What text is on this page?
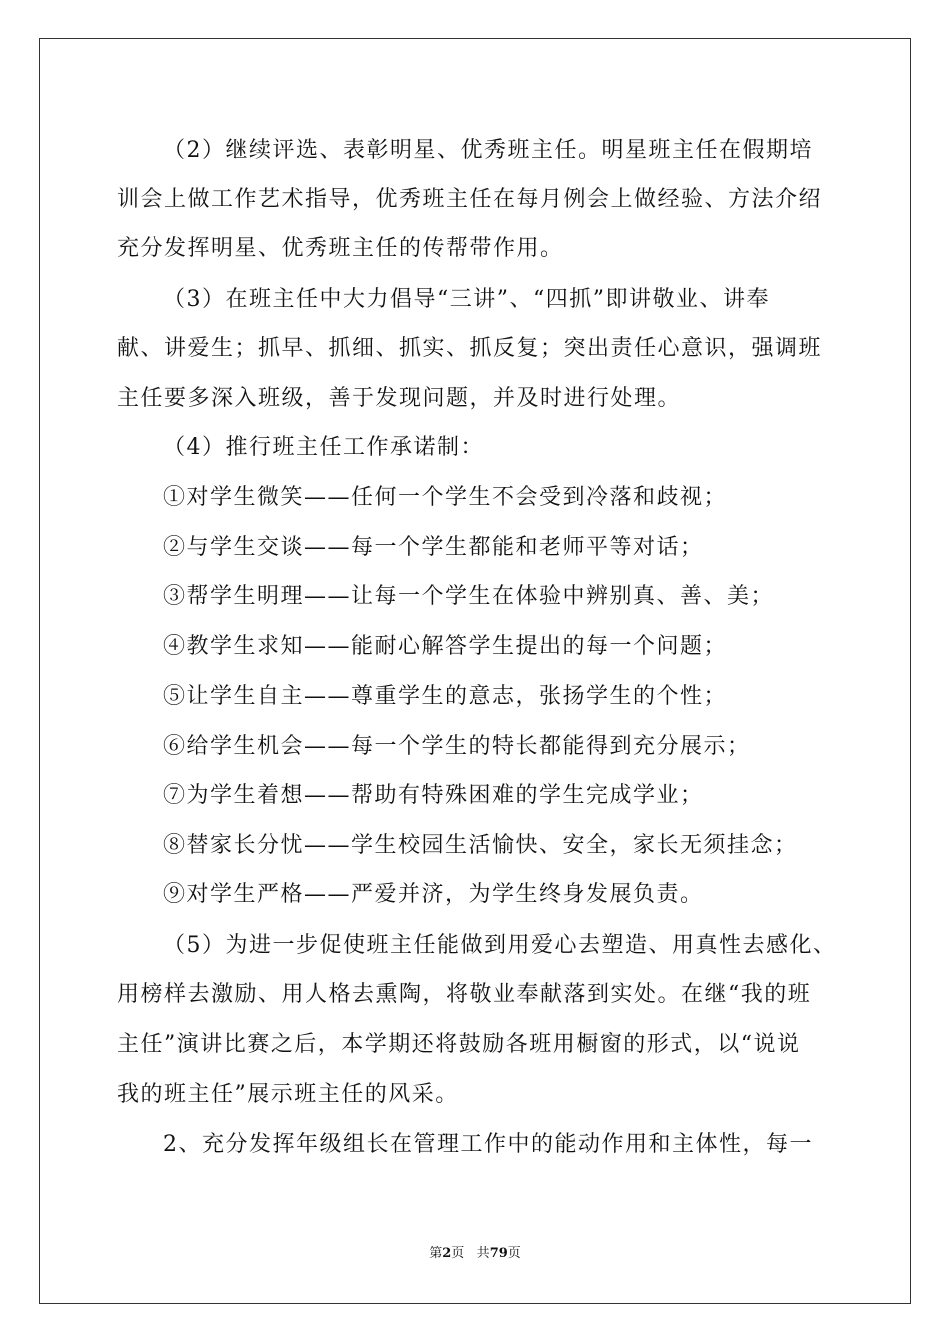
（2）继续评选、表彰明星、优秀班主任。明星班主任在假期培
训会上做工作艺术指导，优秀班主任在每月例会上做经验、方法介绍
充分发挥明星、优秀班主任的传帮带作用。
（3）在班主任中大力倡导“三讲”、“四抓”即讲敬业、讲奉
献、讲爱生；抓早、抓细、抓实、抓反复；突出责任心意识，强调班
主任要多深入班级，善于发现问题，并及时进行处理。
（4）推行班主任工作承诺制：
①对学生微笑——任何一个学生不会受到冷落和歧视；
②与学生交谈——每一个学生都能和老师平等对话；
③帮学生明理——让每一个学生在体验中辨别真、善、美；
④教学生求知——能耐心解答学生提出的每一个问题；
⑤让学生自主——尊重学生的意志，张扬学生的个性；
⑥给学生机会——每一个学生的特长都能得到充分展示；
⑦为学生着想——帮助有特殊困难的学生完成学业；
⑧替家长分忧——学生校园生活愉快、安全，家长无须挂念；
⑨对学生严格——严爱并济，为学生终身发展负责。
（5）为进一步促使班主任能做到用爱心去塑造、用真性去感化、
用榜样去激励、用人格去熏陶，将敬业奉献落到实处。在继“我的班
主任”演讲比赛之后，本学期还将鼓励各班用橱窗的形式，以“说说
我的班主任”展示班主任的风采。
2、充分发挥年级组长在管理工作中的能动作用和主体性，每一
第2页 共79页
